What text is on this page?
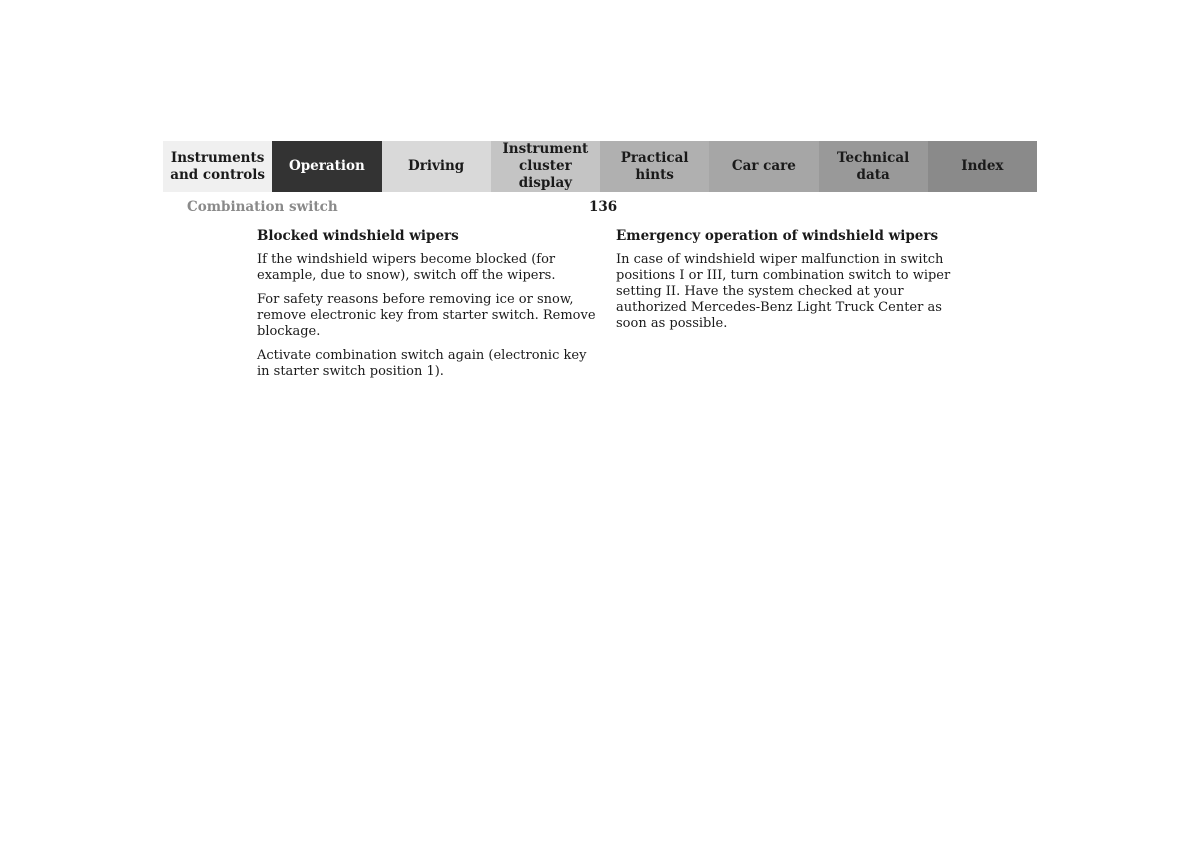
Instruments
and controls
Operation	Driving
Instrument
cluster display
Practical hints
Car care
Technical
data
Index
Combination switch	136
Blocked windshield wipers

If the windshield wipers become blocked (for example, due to snow), switch off the wipers.

For safety reasons before removing ice or snow, remove electronic key from starter switch. Remove blockage.

Activate combination switch again (electronic key in starter switch position 1).

Emergency operation of windshield wipers

In case of windshield wiper malfunction in switch positions I or III, turn combination switch to wiper setting II. Have the system checked at your authorized Mercedes-Benz Light Truck Center as soon as possible.
